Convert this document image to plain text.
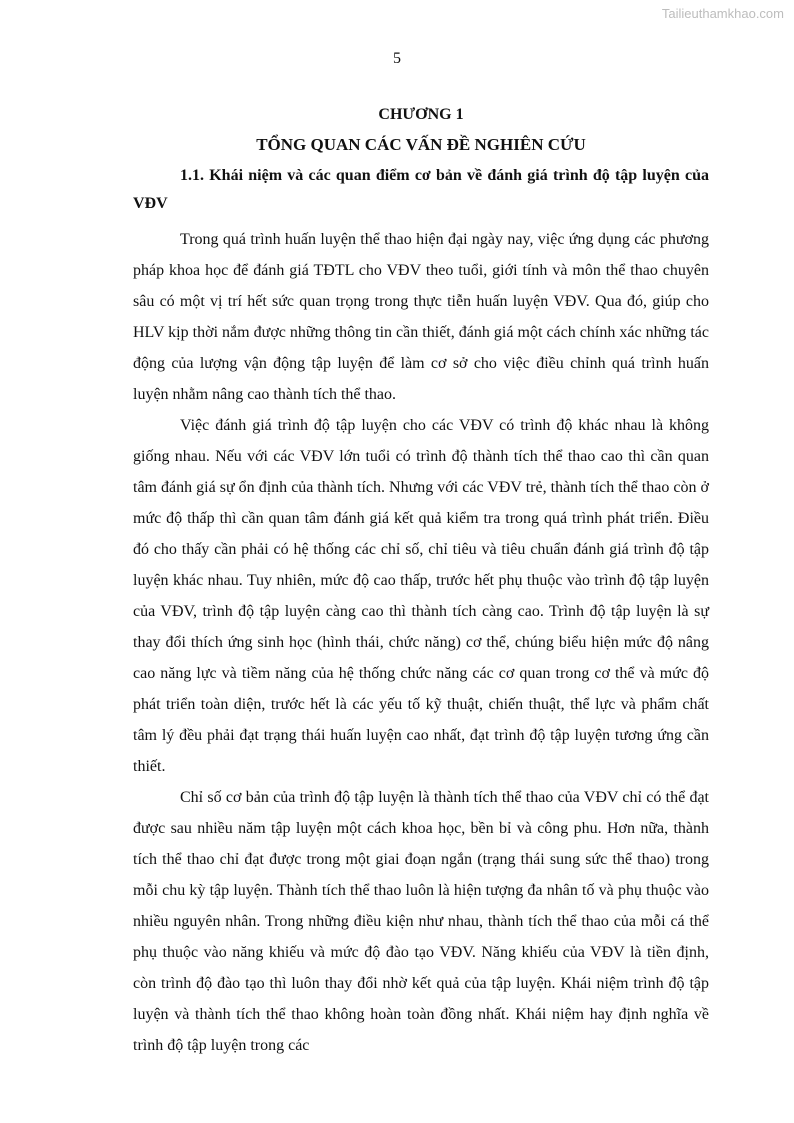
Tailieuthamkhao.com
5

CHƯƠNG 1

TỔNG QUAN CÁC VẤN ĐỀ NGHIÊN CỨU

1.1. Khái niệm và các quan điểm cơ bản về đánh giá trình độ tập luyện của VĐV

Trong quá trình huấn luyện thể thao hiện đại ngày nay, việc ứng dụng các phương pháp khoa học để đánh giá TĐTL cho VĐV theo tuổi, giới tính và môn thể thao chuyên sâu có một vị trí hết sức quan trọng trong thực tiễn huấn luyện VĐV. Qua đó, giúp cho HLV kịp thời nắm được những thông tin cần thiết, đánh giá một cách chính xác những tác động của lượng vận động tập luyện để làm cơ sở cho việc điều chỉnh quá trình huấn luyện nhằm nâng cao thành tích thể thao.

Việc đánh giá trình độ tập luyện cho các VĐV có trình độ khác nhau là không giống nhau. Nếu với các VĐV lớn tuổi có trình độ thành tích thể thao cao thì cần quan tâm đánh giá sự ổn định của thành tích. Nhưng với các VĐV trẻ, thành tích thể thao còn ở mức độ thấp thì cần quan tâm đánh giá kết quả kiểm tra trong quá trình phát triển. Điều đó cho thấy cần phải có hệ thống các chỉ số, chỉ tiêu và tiêu chuẩn đánh giá trình độ tập luyện khác nhau. Tuy nhiên, mức độ cao thấp, trước hết phụ thuộc vào trình độ tập luyện của VĐV, trình độ tập luyện càng cao thì thành tích càng cao. Trình độ tập luyện là sự thay đổi thích ứng sinh học (hình thái, chức năng) cơ thể, chúng biểu hiện mức độ nâng cao năng lực và tiềm năng của hệ thống chức năng các cơ quan trong cơ thể và mức độ phát triển toàn diện, trước hết là các yếu tố kỹ thuật, chiến thuật, thể lực và phẩm chất tâm lý đều phải đạt trạng thái huấn luyện cao nhất, đạt trình độ tập luyện tương ứng cần thiết.

Chỉ số cơ bản của trình độ tập luyện là thành tích thể thao của VĐV chỉ có thể đạt được sau nhiều năm tập luyện một cách khoa học, bền bỉ và công phu. Hơn nữa, thành tích thể thao chỉ đạt được trong một giai đoạn ngắn (trạng thái sung sức thể thao) trong mỗi chu kỳ tập luyện. Thành tích thể thao luôn là hiện tượng đa nhân tố và phụ thuộc vào nhiều nguyên nhân. Trong những điều kiện như nhau, thành tích thể thao của mỗi cá thể phụ thuộc vào năng khiếu và mức độ đào tạo VĐV. Năng khiếu của VĐV là tiền định, còn trình độ đào tạo thì luôn thay đổi nhờ kết quả của tập luyện. Khái niệm trình độ tập luyện và thành tích thể thao không hoàn toàn đồng nhất. Khái niệm hay định nghĩa về trình độ tập luyện trong các
